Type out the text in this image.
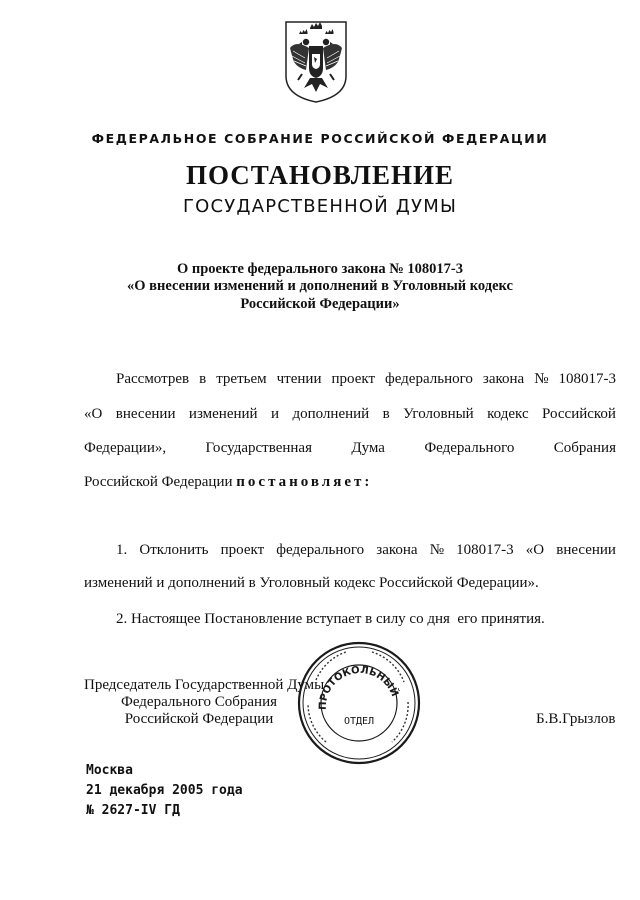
ФЕДЕРАЛЬНОЕ СОБРАНИЕ РОССИЙСКОЙ ФЕДЕРАЦИИ
ПОСТАНОВЛЕНИЕ
ГОСУДАРСТВЕННОЙ ДУМЫ
О проекте федерального закона № 108017-3
«О внесении изменений и дополнений в Уголовный кодекс
Российской Федерации»
Рассмотрев в третьем чтении проект федерального закона № 108017-3
«О внесении изменений и дополнений в Уголовный кодекс Российской
Федерации»,	Государственная	Дума	Федерального	Собрания
Российской Федерации постановляет:
1. Отклонить проект федерального закона № 108017-3 «О внесении
изменений и дополнений в Уголовный кодекс Российской Федерации».
2. Настоящее Постановление вступает в силу со дня  его принятия.
Председатель Государственной Думы
Федерального Собрания
Российской Федерации	Б.В.Грызлов
ПРОТОКОЛЬНЫЙ
ОТДЕЛ
Москва
21 декабря 2005 года
№ 2627-IV ГД
